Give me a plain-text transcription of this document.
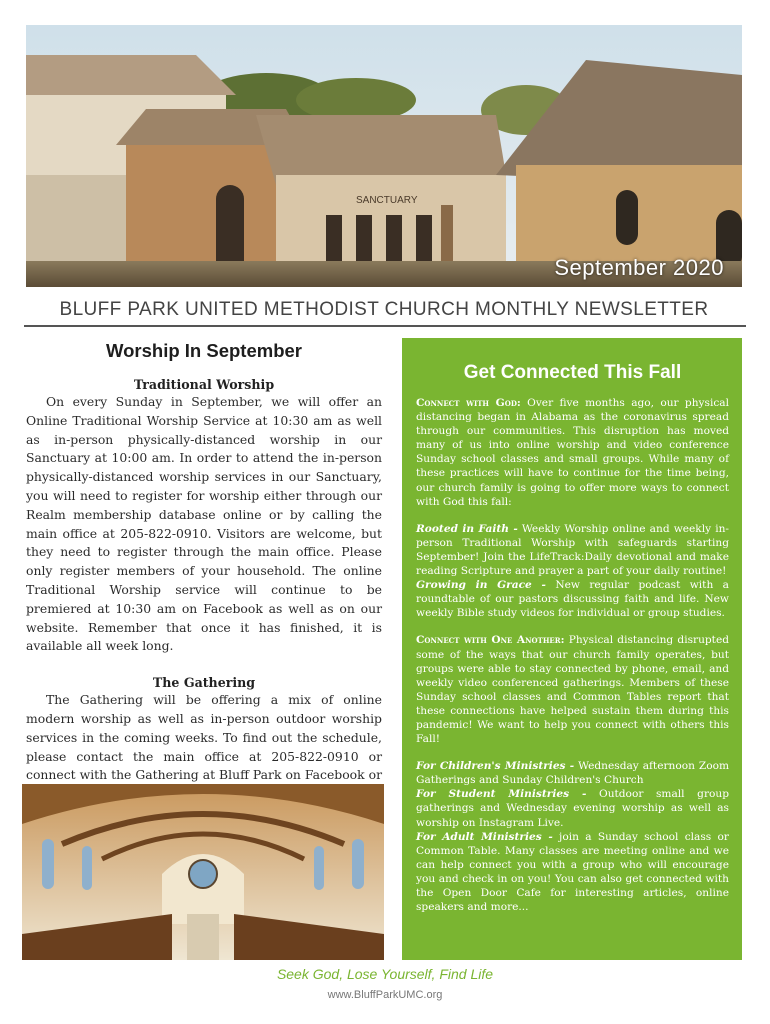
SANCTUARY
September 2020
BLUFF PARK UNITED METHODIST CHURCH MONTHLY NEWSLETTER
Worship In September

Traditional Worship

On every Sunday in September, we will offer an Online Traditional Worship Service at 10:30 am as well as in-person physically-distanced worship in our Sanctuary at 10:00 am. In order to attend the in-person physically-distanced worship services in our Sanctuary, you will need to register for worship either through our Realm membership database online or by calling the main office at 205-822-0910. Visitors are welcome, but they need to register through the main office. Please only register members of your household. The online Traditional Worship service will continue to be premiered at 10:30 am on Facebook as well as on our website. Remember that once it has finished, it is available all week long.

The Gathering

The Gathering will be offering a mix of online modern worship as well as in-person outdoor worship services in the coming weeks. To find out the schedule, please contact the main office at 205-822-0910 or connect with the Gathering at Bluff Park on Facebook or

Get Connected This Fall

Connect with God: Over five months ago, our physical distancing began in Alabama as the coronavirus spread through our communities. This disruption has moved many of us into online worship and video conference Sunday school classes and small groups. While many of these practices will have to continue for the time being, our church family is going to offer more ways to connect with God this fall:

Rooted in Faith - Weekly Worship online and weekly in-person Traditional Worship with safeguards starting September! Join the LifeTrack:Daily devotional and make reading Scripture and prayer a part of your daily routine!

Growing in Grace - New regular podcast with a roundtable of our pastors discussing faith and life. New weekly Bible study videos for individual or group studies.

Connect with One Another: Physical distancing disrupted some of the ways that our church family operates, but groups were able to stay connected by phone, email, and weekly video conferenced gatherings. Members of these Sunday school classes and Common Tables report that these connections have helped sustain them during this pandemic! We want to help you connect with others this Fall!

For Children's Ministries - Wednesday afternoon Zoom Gatherings and Sunday Children's Church

For Student Ministries - Outdoor small group gatherings and Wednesday evening worship as well as worship on Instagram Live.

For Adult Ministries - join a Sunday school class or Common Table. Many classes are meeting online and we can help connect you with a group who will encourage you and check in on you! You can also get connected with the Open Door Cafe for interesting articles, online speakers and more...

Seek God, Lose Yourself, Find Life
www.BluffParkUMC.org
